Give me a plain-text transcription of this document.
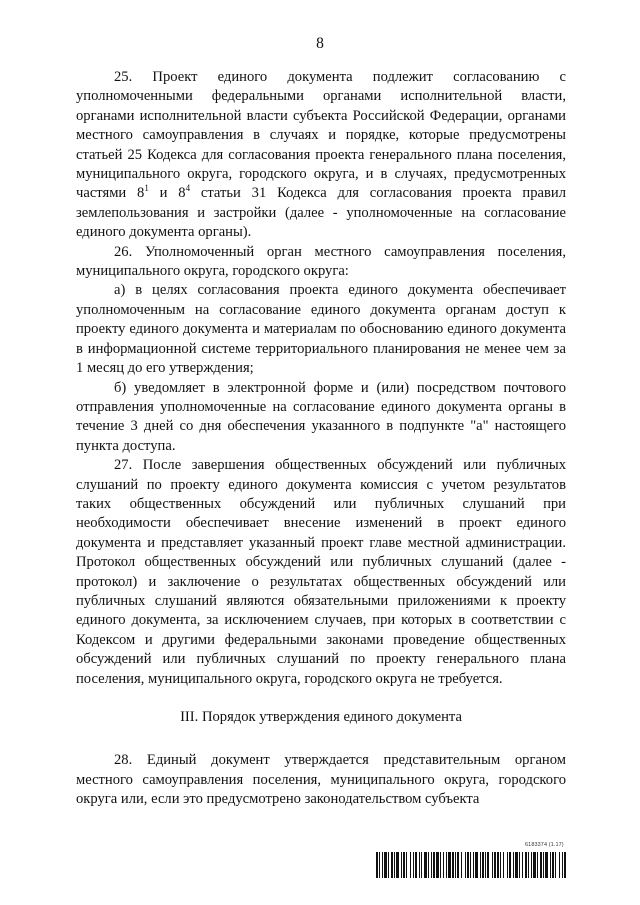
8

25. Проект единого документа подлежит согласованию с уполномоченными федеральными органами исполнительной власти, органами исполнительной власти субъекта Российской Федерации, органами местного самоуправления в случаях и порядке, которые предусмотрены статьей 25 Кодекса для согласования проекта генерального плана поселения, муниципального округа, городского округа, и в случаях, предусмотренных частями $8^1$ и $8^4$ статьи 31 Кодекса для согласования проекта правил землепользования и застройки (далее - уполномоченные на согласование единого документа органы).

26. Уполномоченный орган местного самоуправления поселения, муниципального округа, городского округа:

а) в целях согласования проекта единого документа обеспечивает уполномоченным на согласование единого документа органам доступ к проекту единого документа и материалам по обоснованию единого документа в информационной системе территориального планирования не менее чем за 1 месяц до его утверждения;

б) уведомляет в электронной форме и (или) посредством почтового отправления уполномоченные на согласование единого документа органы в течение 3 дней со дня обеспечения указанного в подпункте "а" настоящего пункта доступа.

27. После завершения общественных обсуждений или публичных слушаний по проекту единого документа комиссия с учетом результатов таких общественных обсуждений или публичных слушаний при необходимости обеспечивает внесение изменений в проект единого документа и представляет указанный проект главе местной администрации. Протокол общественных обсуждений или публичных слушаний (далее - протокол) и заключение о результатах общественных обсуждений или публичных слушаний являются обязательными приложениями к проекту единого документа, за исключением случаев, при которых в соответствии с Кодексом и другими федеральными законами проведение общественных обсуждений или публичных слушаний по проекту генерального плана поселения, муниципального округа, городского округа не требуется.

III. Порядок утверждения единого документа

28. Единый документ утверждается представительным органом местного самоуправления поселения, муниципального округа, городского округа или, если это предусмотрено законодательством субъекта

6183374 (1.17)
